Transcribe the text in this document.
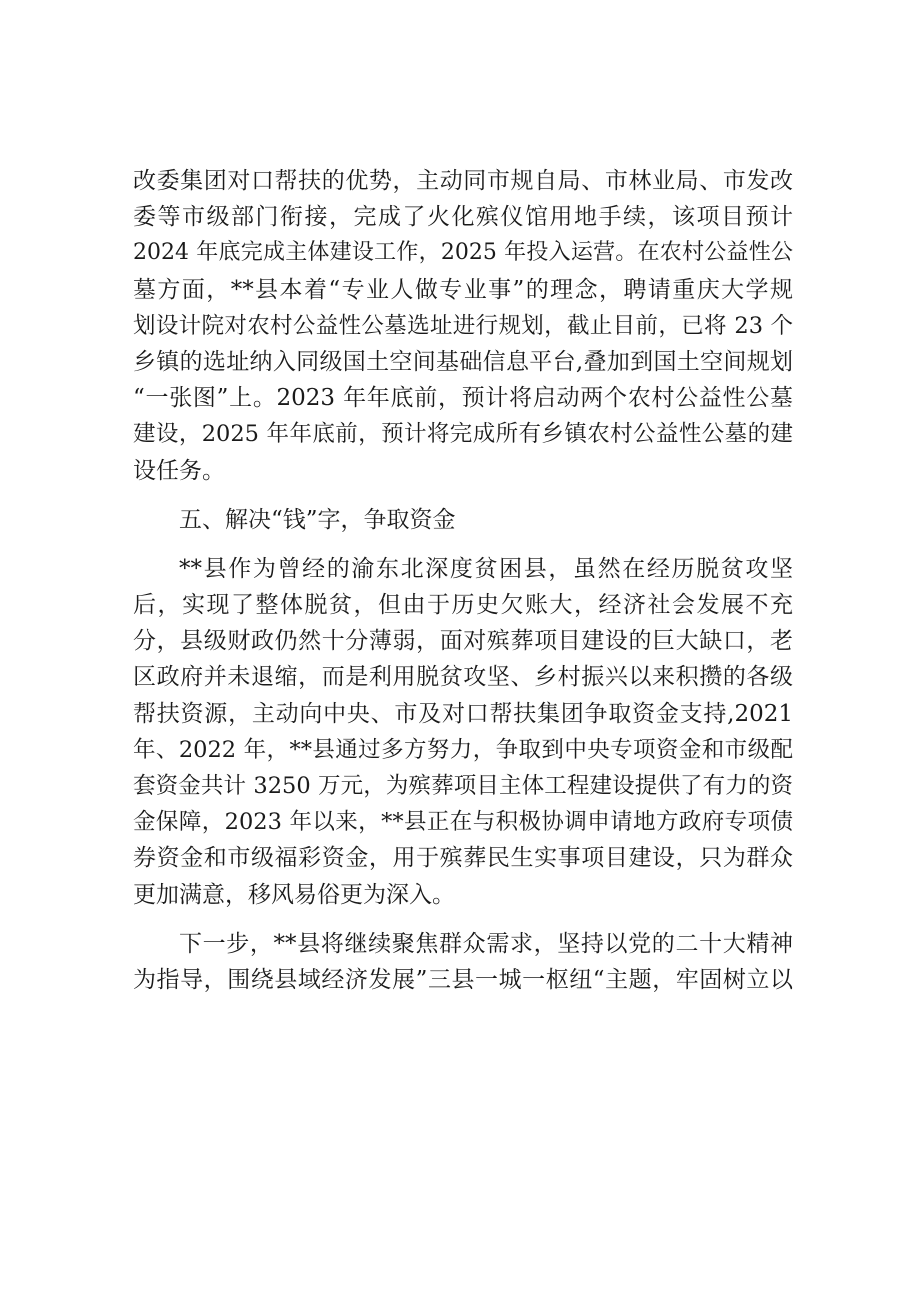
改委集团对口帮扶的优势，主动同市规自局、市林业局、市发改
委等市级部门衔接，完成了火化殡仪馆用地手续，该项目预计
2024 年底完成主体建设工作，2025 年投入运营。在农村公益性公
墓方面，**县本着“专业人做专业事”的理念，聘请重庆大学规
划设计院对农村公益性公墓选址进行规划，截止目前，已将 23 个
乡镇的选址纳入同级国土空间基础信息平台,叠加到国土空间规划
“一张图”上。2023 年年底前，预计将启动两个农村公益性公墓
建设，2025 年年底前，预计将完成所有乡镇农村公益性公墓的建
设任务。
五、解决“钱”字，争取资金
**县作为曾经的渝东北深度贫困县，虽然在经历脱贫攻坚
后，实现了整体脱贫，但由于历史欠账大，经济社会发展不充
分，县级财政仍然十分薄弱，面对殡葬项目建设的巨大缺口，老
区政府并未退缩，而是利用脱贫攻坚、乡村振兴以来积攒的各级
帮扶资源，主动向中央、市及对口帮扶集团争取资金支持,2021
年、2022 年，**县通过多方努力，争取到中央专项资金和市级配
套资金共计 3250 万元，为殡葬项目主体工程建设提供了有力的资
金保障，2023 年以来，**县正在与积极协调申请地方政府专项债
券资金和市级福彩资金，用于殡葬民生实事项目建设，只为群众
更加满意，移风易俗更为深入。
下一步，**县将继续聚焦群众需求，坚持以党的二十大精神
为指导，围绕县域经济发展”三县一城一枢纽“主题，牢固树立以
